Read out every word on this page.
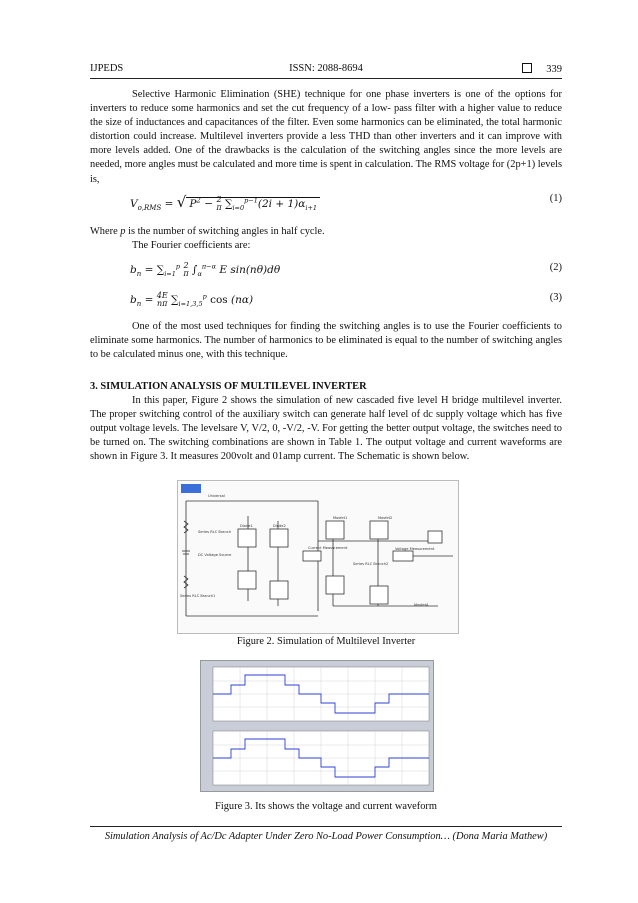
IJPEDS	ISSN: 2088-8694	339
Selective Harmonic Elimination (SHE) technique for one phase inverters is one of the options for inverters to reduce some harmonics and set the cut frequency of a low- pass filter with a higher value to reduce the size of inductances and capacitances of the filter. Even some harmonics can be eliminated, the total harmonic distortion could increase. Multilevel inverters provide a less THD than other inverters and it can improve with more levels added. One of the drawbacks is the calculation of the switching angles since the more levels are needed, more angles must be calculated and more time is spent in calculation. The RMS voltage for (2p+1) levels is,
$V_{o,RMS}$ = √ $P^2 - 2$
π $\sum_{i=0}^{p-1}(2i + 1)\alpha_{i+1}$
(1)
Where p is the number of switching angles in half cycle.
The Fourier coefficients are:
$b_n = \sum_{i=1}^p$ 2
π $\int_\alpha^{\pi-\alpha}$ E sin(nθ)dθ	(2)
$b_n = 4E$
nπ $\sum_{i=1,3,5}^p$ cos (nα)	(3)
One of the most used techniques for finding the switching angles is to use the Fourier coefficients to eliminate some harmonics. The number of harmonics to be eliminated is equal to the number of switching angles to be calculated minus one, with this technique.
3. SIMULATION ANALYSIS OF MULTILEVEL INVERTER
In this paper, Figure 2 shows the simulation of new cascaded five level H bridge multilevel inverter. The proper switching control of the auxiliary switch can generate half level of dc supply voltage which has five output voltage levels. The levelsare V, V/2, 0, -V/2, -V. For getting the better output voltage, the switches need to be turned on. The switching combinations are shown in Table 1. The output voltage and current waveforms are shown in Figure 3. It measures 200volt and 01amp current. The Schematic is shown below.
Universal
Series RLC Branch
DC Voltage Source
Series RLC Branch1
Current Measurement
Series RLC Branch2
Voltage Measurement
Mosfet1	Mosfet2
Mosfet4
Diode1	Diode2
Figure 2. Simulation of Multilevel Inverter
Figure 3. Its shows the voltage and current waveform
Simulation Analysis of Ac/Dc Adapter Under Zero No-Load Power Consumption… (Dona Maria Mathew)
